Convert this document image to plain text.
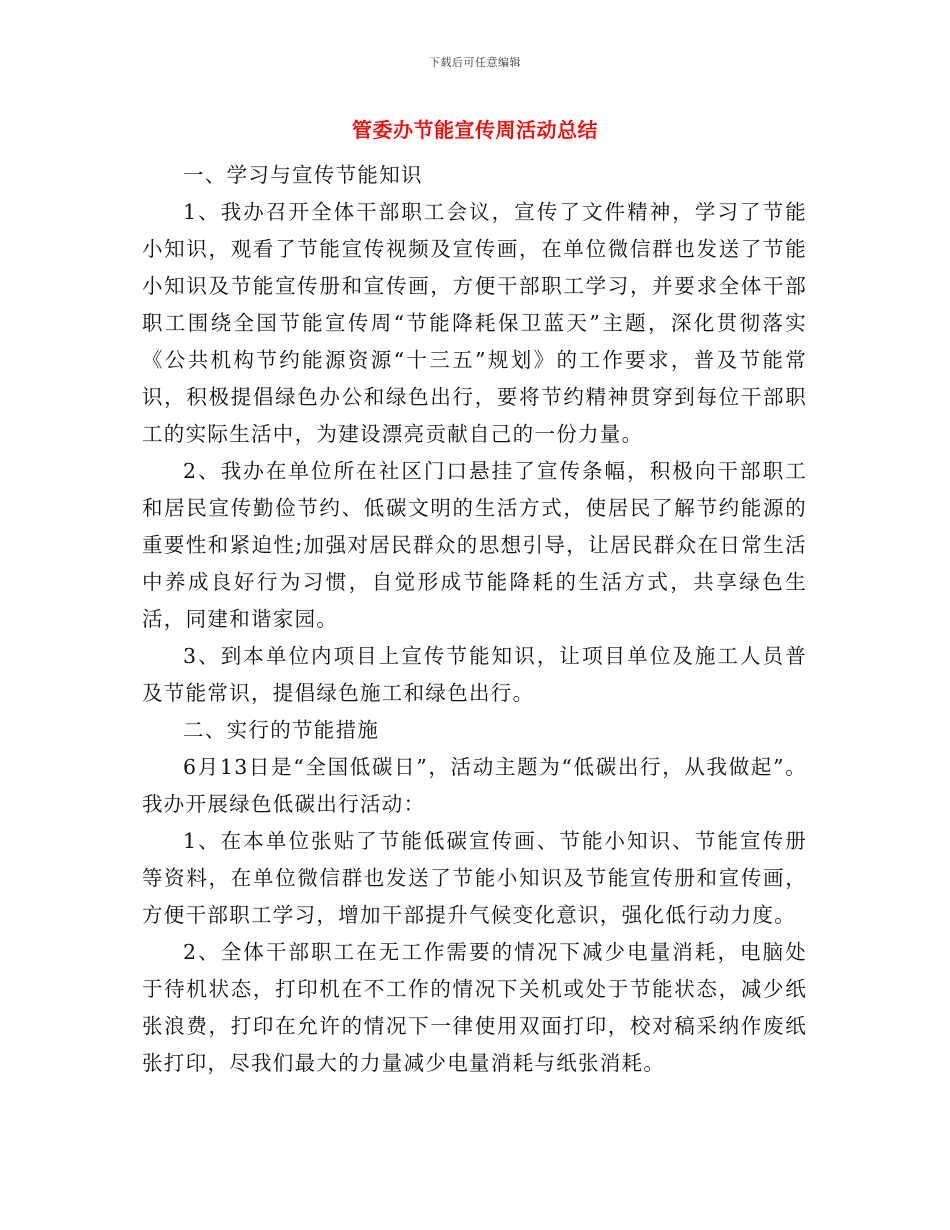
下载后可任意编辑
管委办节能宣传周活动总结

一、学习与宣传节能知识

1、我办召开全体干部职工会议，宣传了文件精神，学习了节能小知识，观看了节能宣传视频及宣传画，在单位微信群也发送了节能小知识及节能宣传册和宣传画，方便干部职工学习，并要求全体干部职工围绕全国节能宣传周“节能降耗保卫蓝天”主题，深化贯彻落实《公共机构节约能源资源“十三五”规划》的工作要求，普及节能常识，积极提倡绿色办公和绿色出行，要将节约精神贯穿到每位干部职工的实际生活中，为建设漂亮贡献自己的一份力量。

2、我办在单位所在社区门口悬挂了宣传条幅，积极向干部职工和居民宣传勤俭节约、低碳文明的生活方式，使居民了解节约能源的重要性和紧迫性;加强对居民群众的思想引导，让居民群众在日常生活中养成良好行为习惯，自觉形成节能降耗的生活方式，共享绿色生活，同建和谐家园。

3、到本单位内项目上宣传节能知识，让项目单位及施工人员普及节能常识，提倡绿色施工和绿色出行。

二、实行的节能措施

6月13日是“全国低碳日”，活动主题为“低碳出行，从我做起”。我办开展绿色低碳出行活动：

1、在本单位张贴了节能低碳宣传画、节能小知识、节能宣传册等资料，在单位微信群也发送了节能小知识及节能宣传册和宣传画，方便干部职工学习，增加干部提升气候变化意识，强化低行动力度。

2、全体干部职工在无工作需要的情况下减少电量消耗，电脑处于待机状态，打印机在不工作的情况下关机或处于节能状态，减少纸张浪费，打印在允许的情况下一律使用双面打印，校对稿采纳作废纸张打印，尽我们最大的力量减少电量消耗与纸张消耗。
